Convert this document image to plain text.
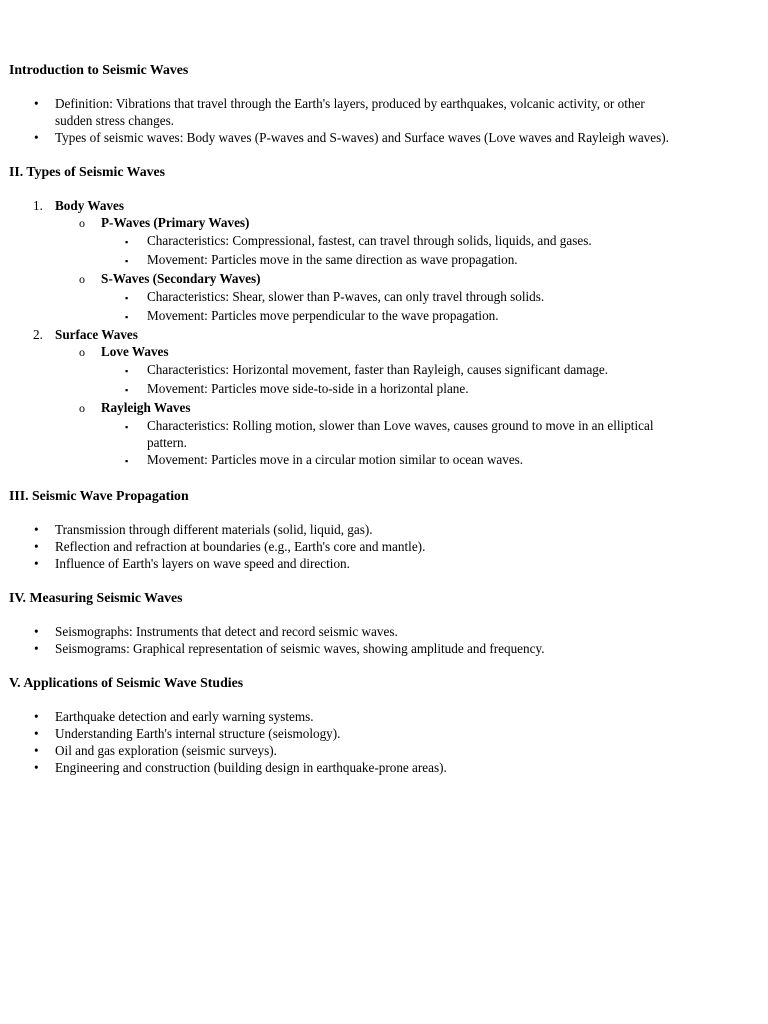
Introduction to Seismic Waves
•	Definition: Vibrations that travel through the Earth's layers, produced by earthquakes, volcanic activity, or other sudden stress changes.
•	Types of seismic waves: Body waves (P-waves and S-waves) and Surface waves (Love waves and Rayleigh waves).
II. Types of Seismic Waves
1. Body Waves
o	P-Waves (Primary Waves)
▪	Characteristics: Compressional, fastest, can travel through solids, liquids, and gases.
▪	Movement: Particles move in the same direction as wave propagation.
o	S-Waves (Secondary Waves)
▪	Characteristics: Shear, slower than P-waves, can only travel through solids.
▪	Movement: Particles move perpendicular to the wave propagation.
2. Surface Waves
o	Love Waves
▪	Characteristics: Horizontal movement, faster than Rayleigh, causes significant damage.
▪	Movement: Particles move side-to-side in a horizontal plane.
o	Rayleigh Waves
▪	Characteristics: Rolling motion, slower than Love waves, causes ground to move in an elliptical pattern.
▪	Movement: Particles move in a circular motion similar to ocean waves.
III. Seismic Wave Propagation
•	Transmission through different materials (solid, liquid, gas).
•	Reflection and refraction at boundaries (e.g., Earth's core and mantle).
•	Influence of Earth's layers on wave speed and direction.
IV. Measuring Seismic Waves
•	Seismographs: Instruments that detect and record seismic waves.
•	Seismograms: Graphical representation of seismic waves, showing amplitude and frequency.
V. Applications of Seismic Wave Studies
•	Earthquake detection and early warning systems.
•	Understanding Earth's internal structure (seismology).
•	Oil and gas exploration (seismic surveys).
•	Engineering and construction (building design in earthquake-prone areas).
